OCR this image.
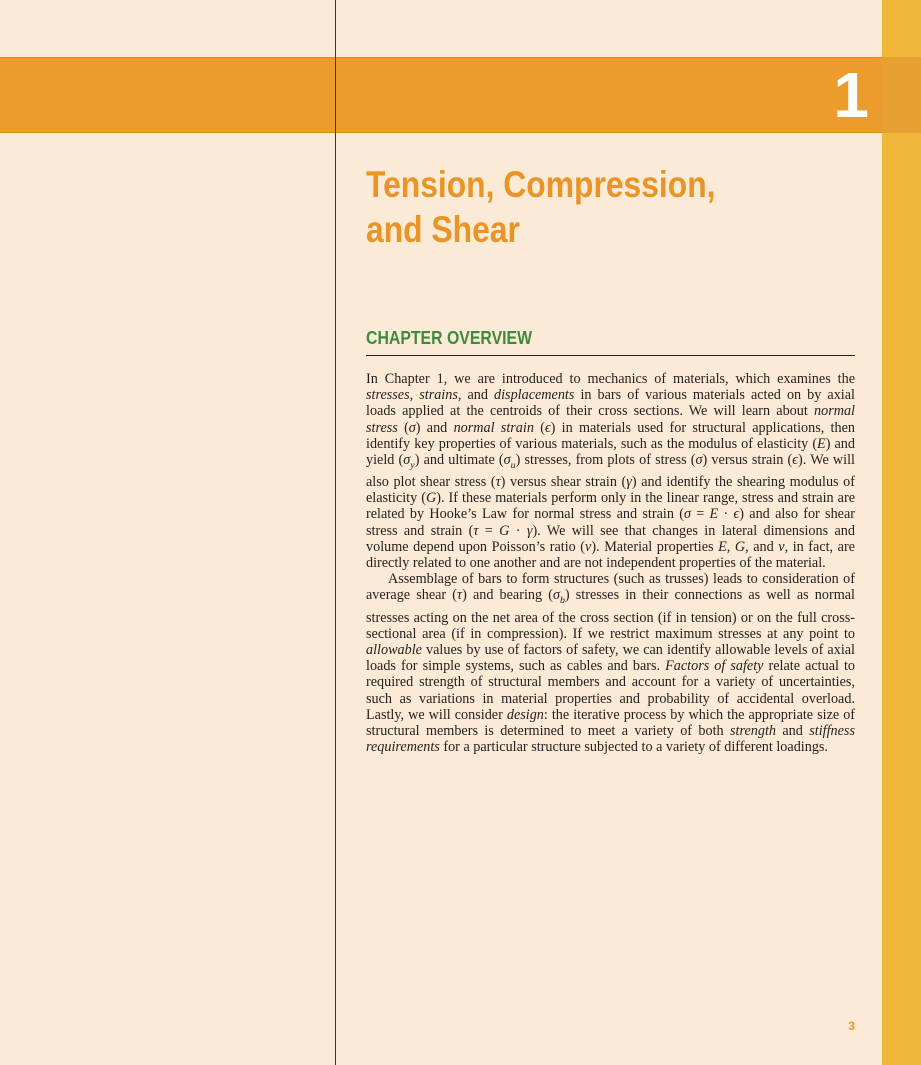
1
Tension, Compression,
and Shear
CHAPTER OVERVIEW

In Chapter 1, we are introduced to mechanics of materials, which examines the stresses, strains, and displacements in bars of various materials acted on by axial loads applied at the centroids of their cross sections. We will learn about normal stress (σ) and normal strain (ϵ) in materials used for structural applications, then identify key properties of various materials, such as the modulus of elasticity (E) and yield $(\sigma_y)$ and ultimate $(\sigma_u)$ stresses, from plots of stress (σ) versus strain (ϵ). We will also plot shear stress (τ) versus shear strain (γ) and identify the shearing modulus of elasticity (G). If these materials perform only in the linear range, stress and strain are related by Hooke’s Law for normal stress and strain (σ = E · ϵ) and also for shear stress and strain (τ = G · γ). We will see that changes in lateral dimensions and volume depend upon Poisson’s ratio (ν). Material properties E, G, and ν, in fact, are directly related to one another and are not independent properties of the material.

Assemblage of bars to form structures (such as trusses) leads to consideration of average shear (τ) and bearing $(\sigma_b)$ stresses in their connections as well as normal stresses acting on the net area of the cross section (if in tension) or on the full cross-sectional area (if in compression). If we restrict maximum stresses at any point to allowable values by use of factors of safety, we can identify allowable levels of axial loads for simple systems, such as cables and bars. Factors of safety relate actual to required strength of structural members and account for a variety of uncertainties, such as variations in material properties and probability of accidental overload. Lastly, we will consider design: the iterative process by which the appropriate size of structural members is determined to meet a variety of both strength and stiffness requirements for a particular structure subjected to a variety of different loadings.

3
